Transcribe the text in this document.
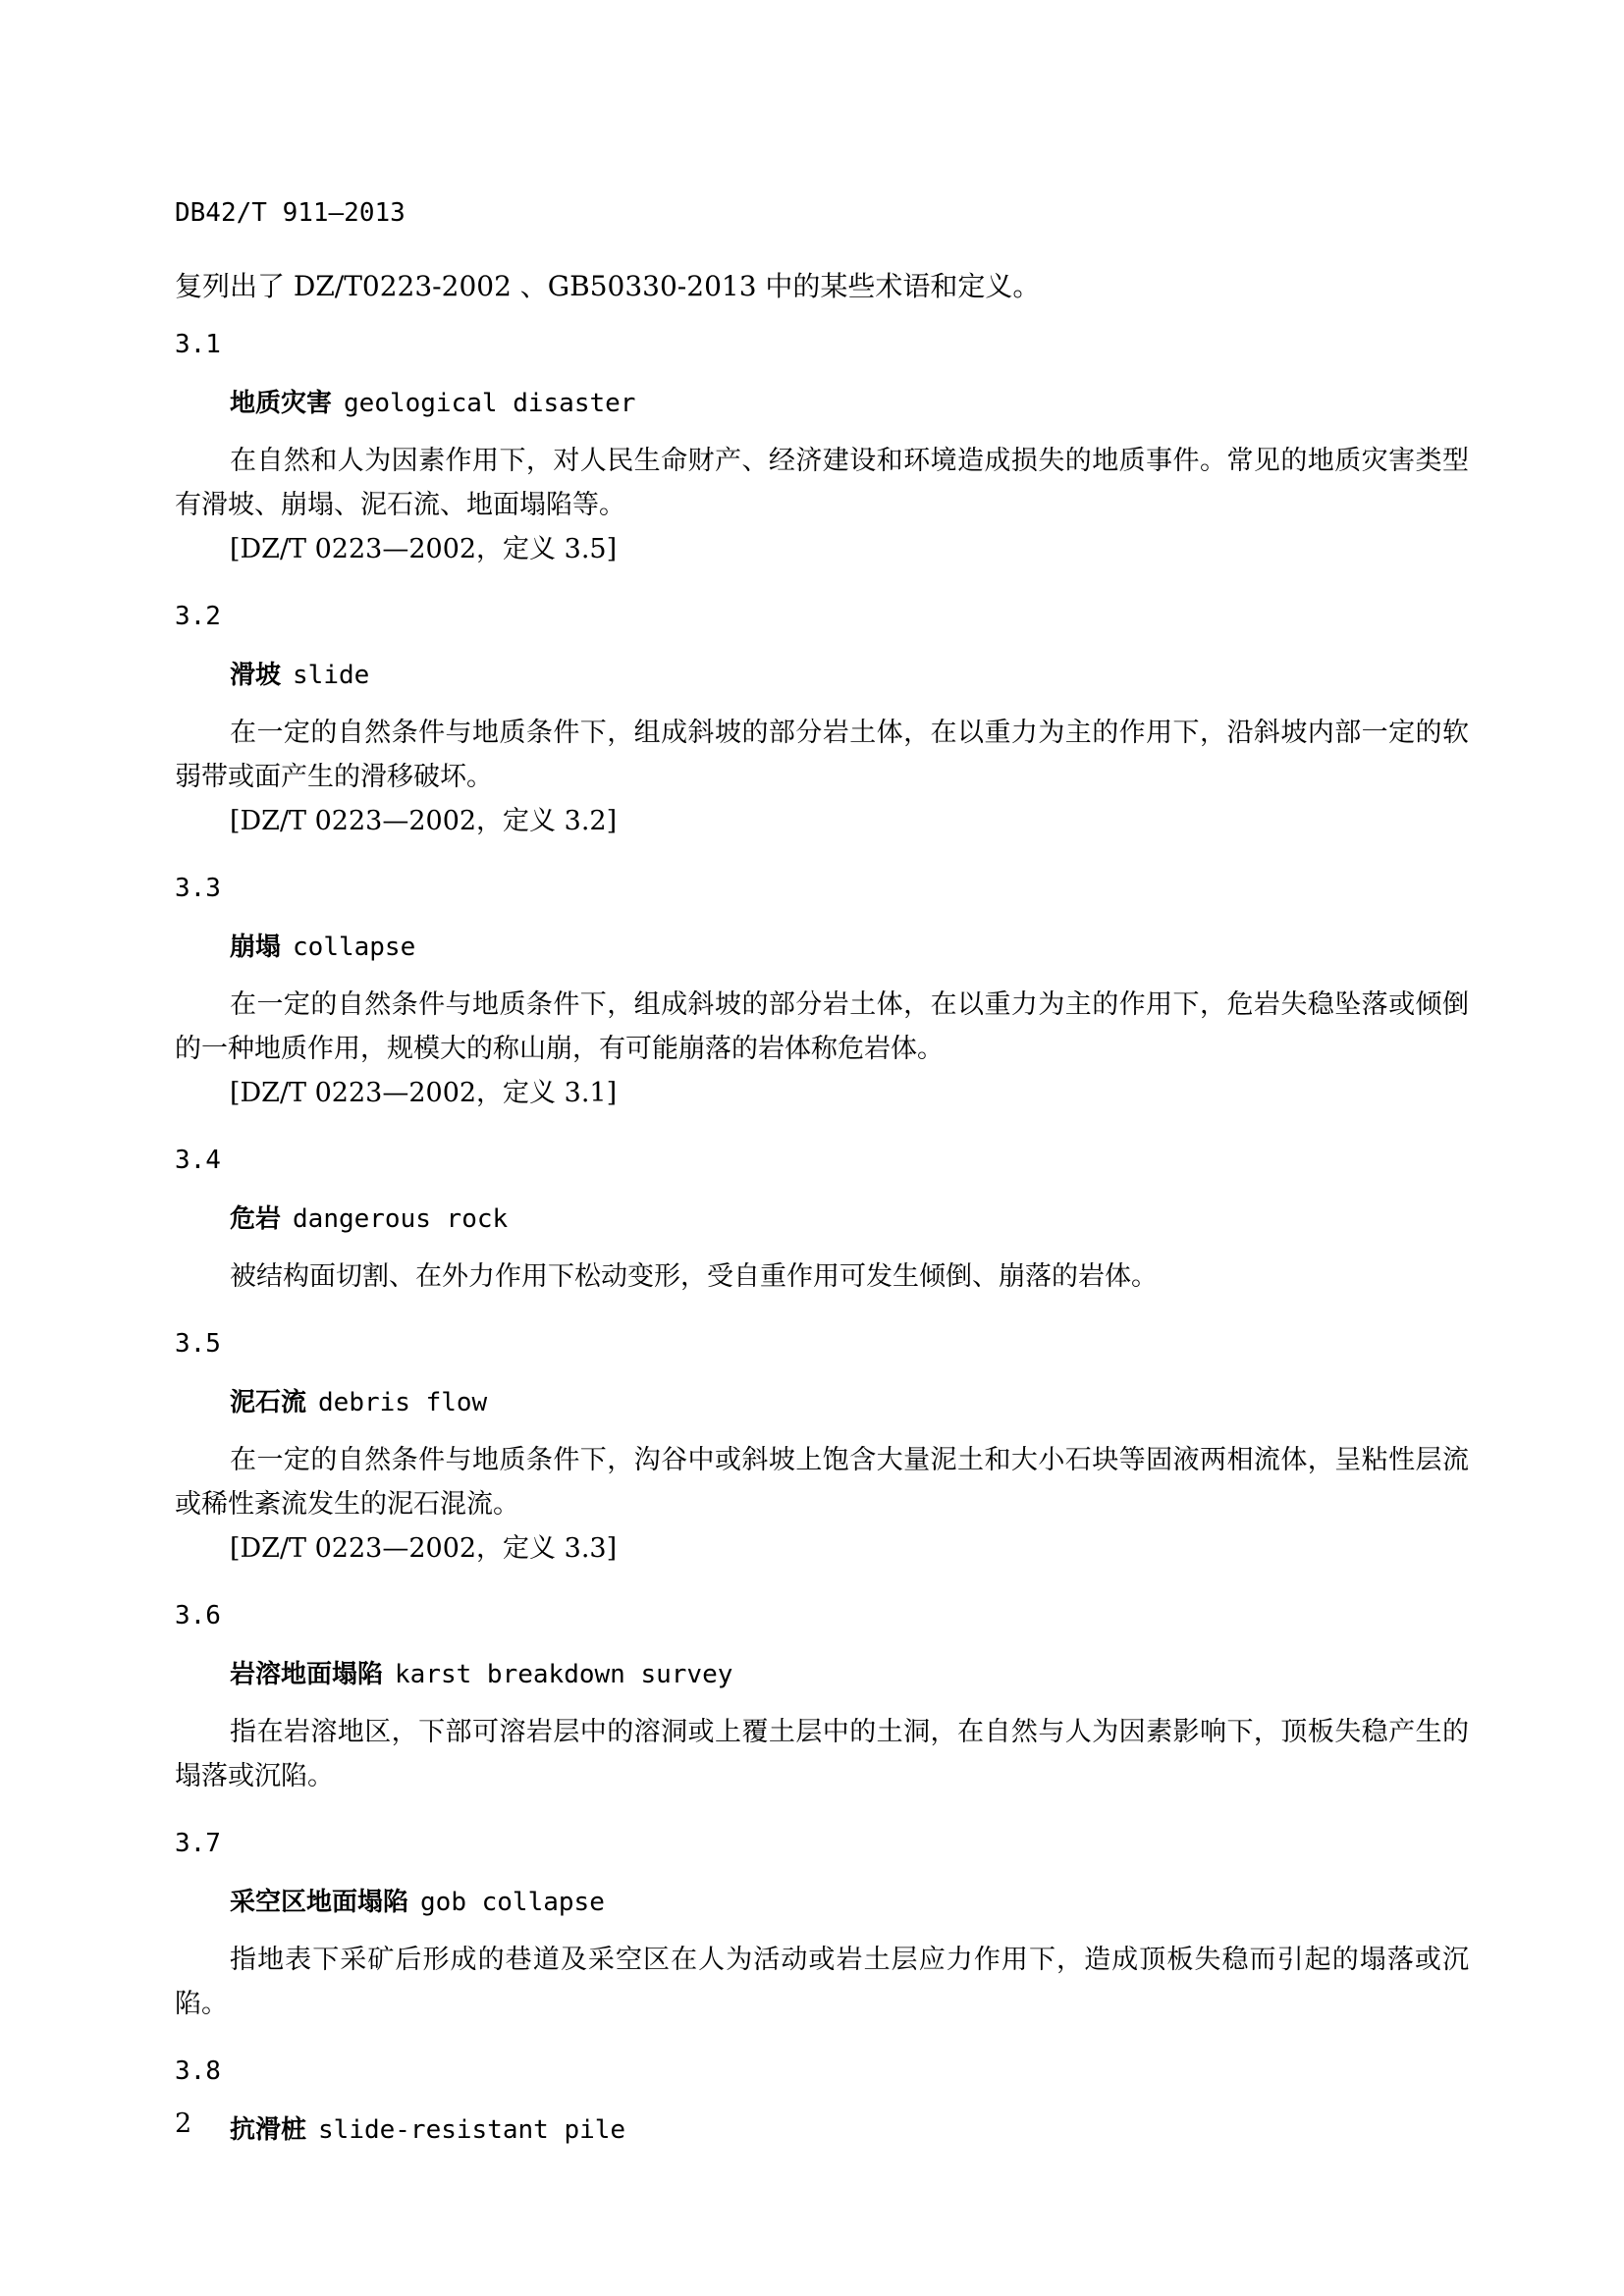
DB42/T 911—2013
复列出了 DZ/T0223-2002 、GB50330-2013 中的某些术语和定义。
3.1
地质灾害 geological disaster

在自然和人为因素作用下，对人民生命财产、经济建设和环境造成损失的地质事件。常见的地质灾害类型有滑坡、崩塌、泥石流、地面塌陷等。

[DZ/T 0223—2002，定义 3.5]

3.2
滑坡 slide

在一定的自然条件与地质条件下，组成斜坡的部分岩土体，在以重力为主的作用下，沿斜坡内部一定的软弱带或面产生的滑移破坏。

[DZ/T 0223—2002，定义 3.2]

3.3
崩塌 collapse

在一定的自然条件与地质条件下，组成斜坡的部分岩土体，在以重力为主的作用下，危岩失稳坠落或倾倒的一种地质作用，规模大的称山崩，有可能崩落的岩体称危岩体。

[DZ/T 0223—2002，定义 3.1]

3.4
危岩 dangerous rock

被结构面切割、在外力作用下松动变形，受自重作用可发生倾倒、崩落的岩体。

3.5
泥石流 debris flow

在一定的自然条件与地质条件下，沟谷中或斜坡上饱含大量泥土和大小石块等固液两相流体，呈粘性层流或稀性紊流发生的泥石混流。

[DZ/T 0223—2002，定义 3.3]

3.6
岩溶地面塌陷 karst breakdown survey

指在岩溶地区，下部可溶岩层中的溶洞或上覆土层中的土洞，在自然与人为因素影响下，顶板失稳产生的塌落或沉陷。

3.7
采空区地面塌陷 gob collapse

指地表下采矿后形成的巷道及采空区在人为活动或岩土层应力作用下，造成顶板失稳而引起的塌落或沉陷。

3.8
抗滑桩 slide-resistant pile
2
